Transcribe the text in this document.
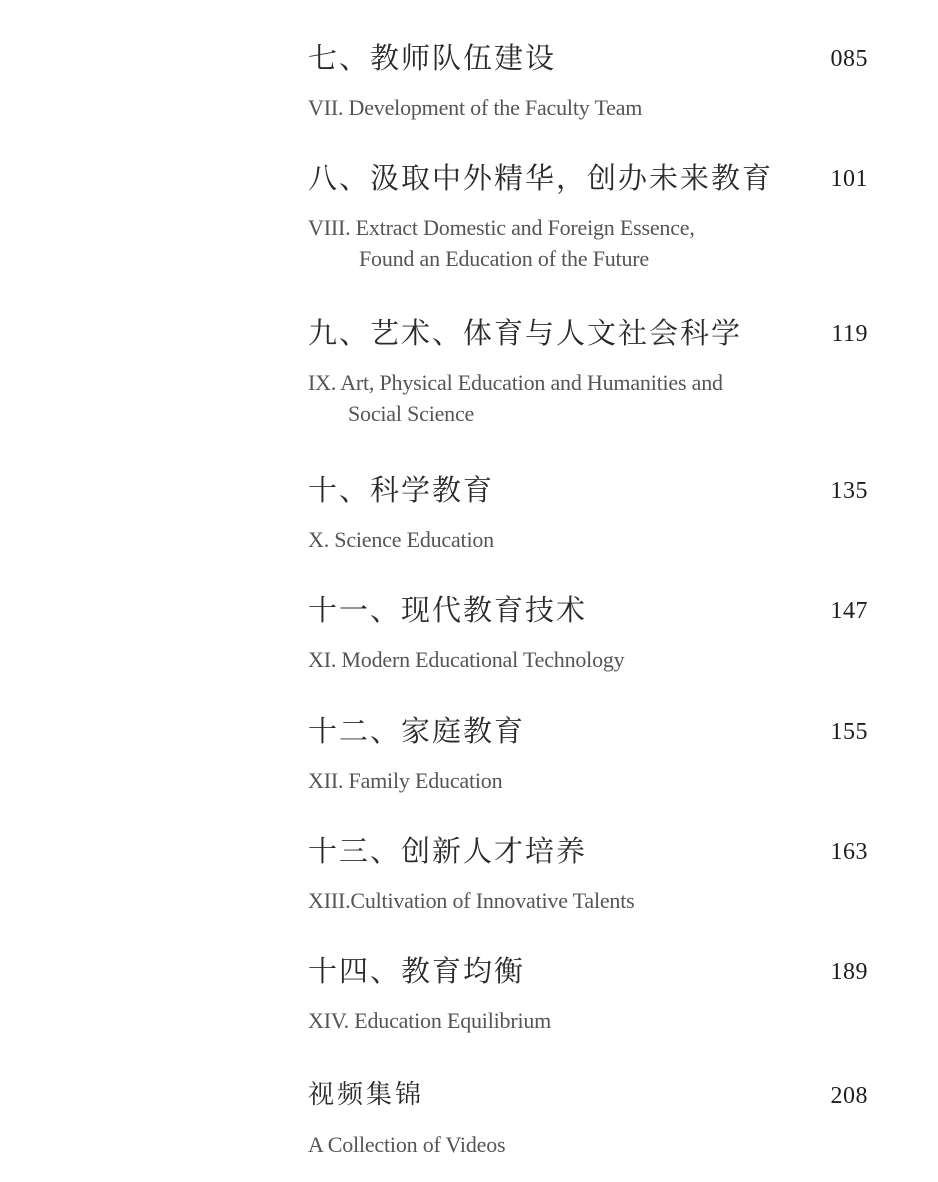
七、教师队伍建设	085
VII. Development of the Faculty Team
八、汲取中外精华，创办未来教育 101
VIII. Extract Domestic and Foreign Essence,
Found an Education of the Future
九、艺术、体育与人文社会科学	119
IX. Art, Physical Education and Humanities and
Social Science
十、科学教育	135
X. Science Education
十一、现代教育技术	147
XI. Modern Educational Technology
十二、家庭教育	155
XII. Family Education
十三、创新人才培养	163
XIII.Cultivation of Innovative Talents
十四、教育均衡	189
XIV. Education Equilibrium
视频集锦	208
A Collection of Videos
